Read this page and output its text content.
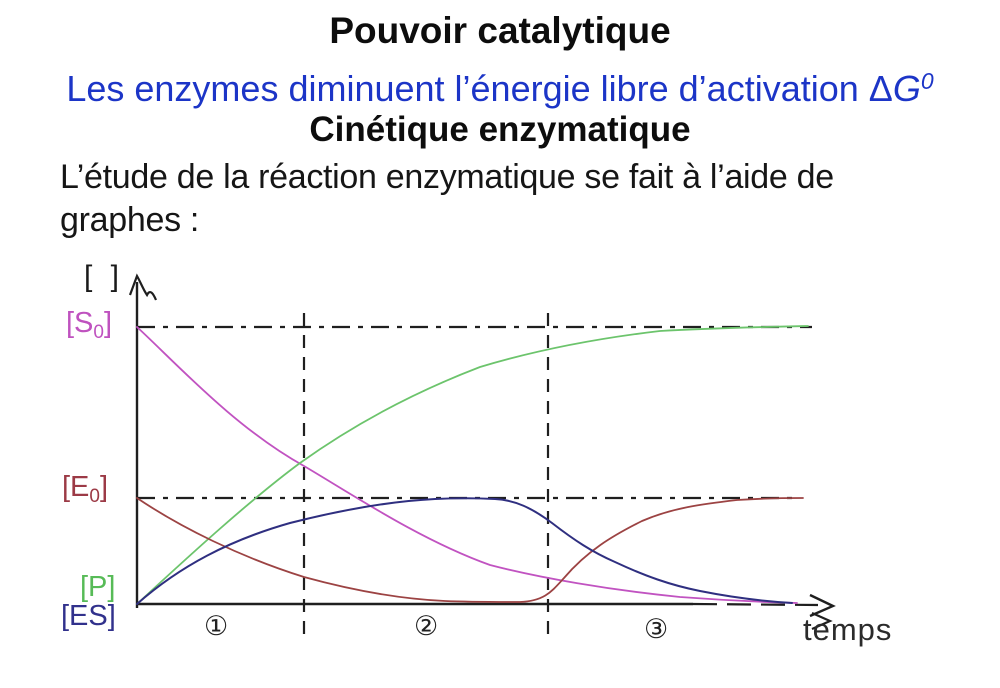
Pouvoir catalytique
Les enzymes diminuent l’énergie libre d’activation $\Delta G^0$
Cinétique enzymatique
L’étude de la réaction enzymatique se fait à l’aide de
graphes :
[ ]
$[S_0]$
$[E_0]$
[P]
[ES]	①	②	③	temps
